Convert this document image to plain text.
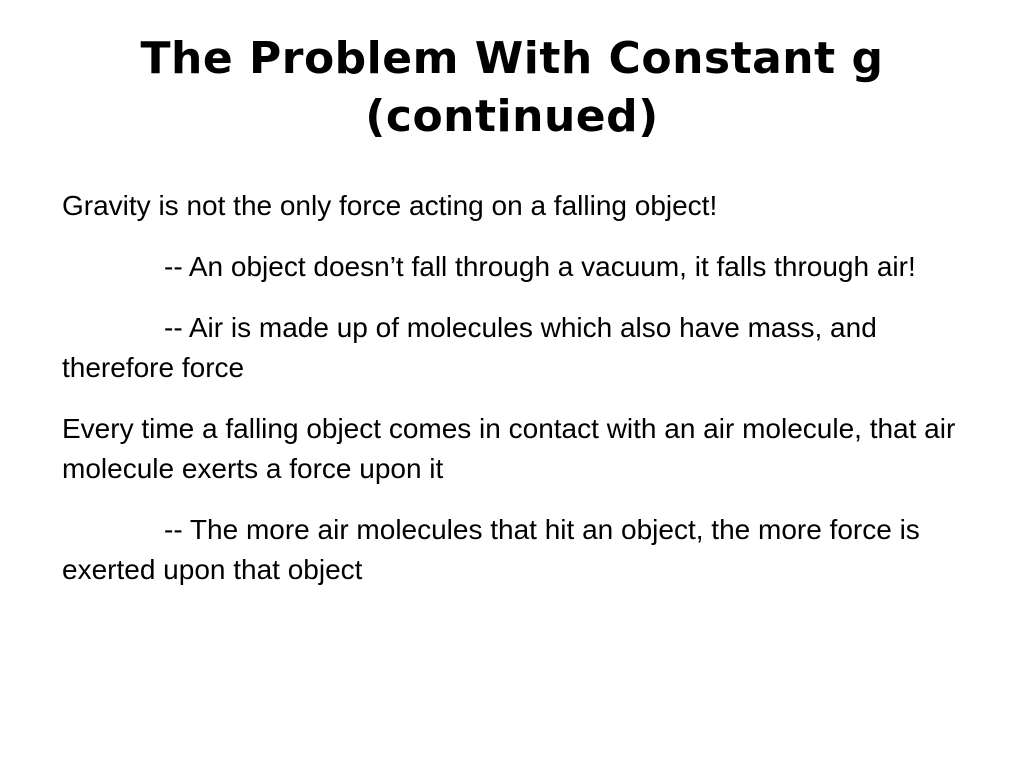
The Problem With Constant g
(continued)

Gravity is not the only force acting on a falling object!

-- An object doesn’t fall through a vacuum, it falls through air!

-- Air is made up of molecules which also have mass, and therefore force

Every time a falling object comes in contact with an air molecule, that air molecule exerts a force upon it

-- The more air molecules that hit an object, the more force is exerted upon that object
